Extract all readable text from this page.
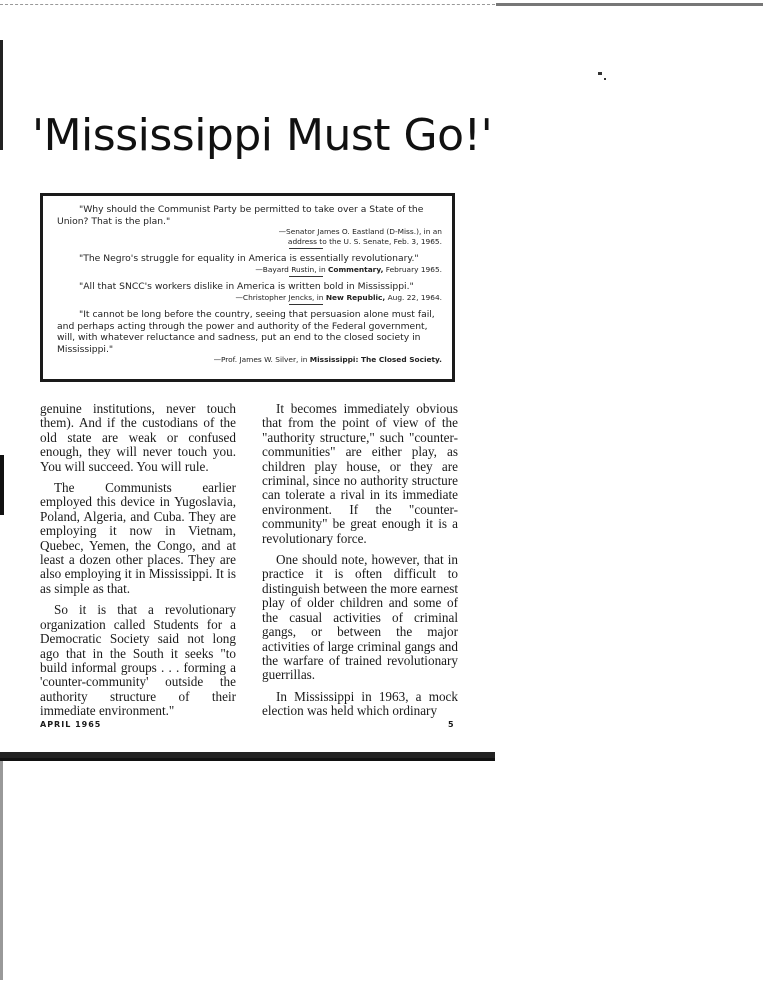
'Mississippi Must Go!'

"Why should the Communist Party be permitted to take over a State of the Union? That is the plan."

—Senator James O. Eastland (D-Miss.), in an
address to the U. S. Senate, Feb. 3, 1965.

"The Negro's struggle for equality in America is essentially revolutionary."

—Bayard Rustin, in Commentary, February 1965.

"All that SNCC's workers dislike in America is written bold in Mississippi."

—Christopher Jencks, in New Republic, Aug. 22, 1964.

"It cannot be long before the country, seeing that persuasion alone must fail, and perhaps acting through the power and authority of the Federal government, will, with whatever reluctance and sadness, put an end to the closed society in Mississippi."

—Prof. James W. Silver, in Mississippi: The Closed Society.

genuine institutions, never touch them). And if the custodians of the old state are weak or confused enough, they will never touch you. You will succeed. You will rule.

The Communists earlier employed this device in Yugoslavia, Poland, Algeria, and Cuba. They are employing it now in Vietnam, Quebec, Yemen, the Congo, and at least a dozen other places. They are also employing it in Mississippi. It is as simple as that.

So it is that a revolutionary organization called Students for a Democratic Society said not long ago that in the South it seeks "to build informal groups . . . forming a 'counter-community' outside the authority structure of their immediate environment."

It becomes immediately obvious that from the point of view of the "authority structure," such "counter-communities" are either play, as children play house, or they are criminal, since no authority structure can tolerate a rival in its immediate environment. If the "counter-community" be great enough it is a revolutionary force.

One should note, however, that in practice it is often difficult to distinguish between the more earnest play of older children and some of the casual activities of criminal gangs, or between the major activities of large criminal gangs and the warfare of trained revolutionary guerrillas.

In Mississippi in 1963, a mock election was held which ordinary

APRIL 1965	5
